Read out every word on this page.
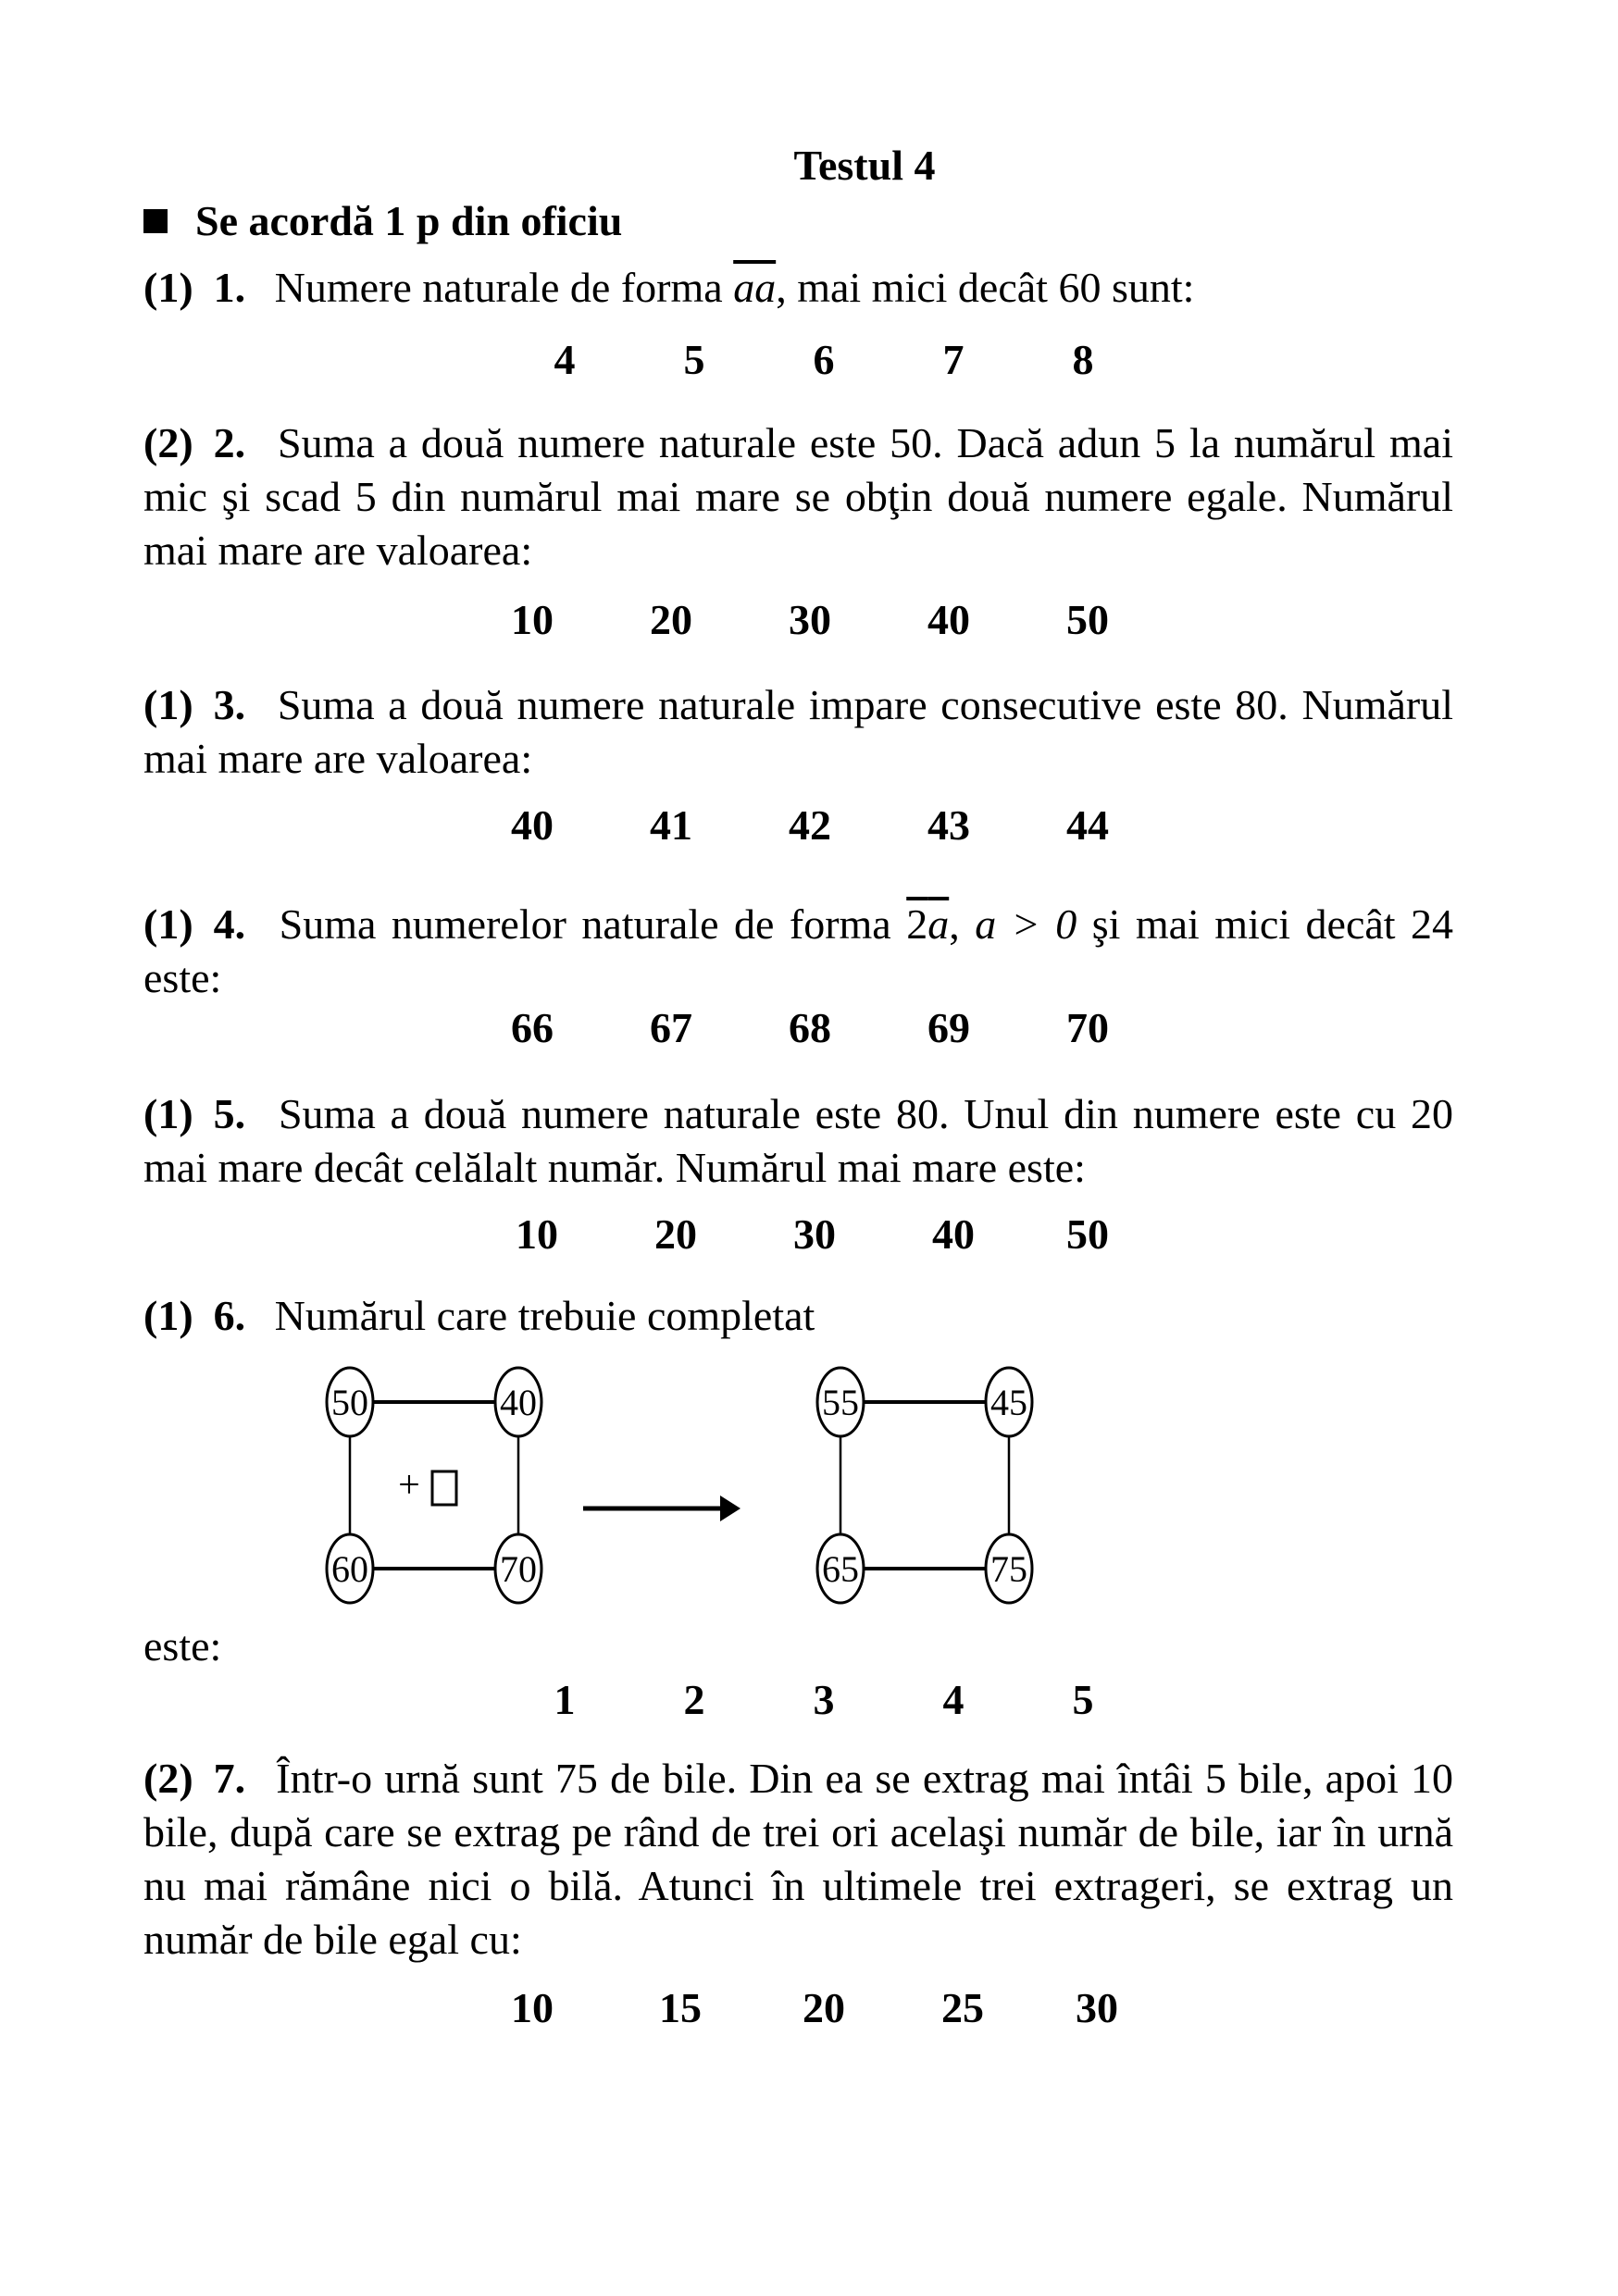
Testul 4
Se acordă 1 p din oficiu
(1) 1. Numere naturale de forma $\overline{aa}$, mai mici decât 60 sunt:
4	5	6	7	8
(2) 2. Suma a două numere naturale este 50. Dacă adun 5 la numărul mai mic şi scad 5 din numărul mai mare se obţin două numere egale. Numărul mai mare are valoarea:
10	20	30	40	50
(1) 3. Suma a două numere naturale impare consecutive este 80. Numărul mai mare are valoarea:
40	41	42	43	44
(1) 4. Suma numerelor naturale de forma 2a, a > 0 şi mai mici decât 24 este:
66	67	68	69	70
(1) 5. Suma a două numere naturale este 80. Unul din numere este cu 20 mai mare decât celălalt număr. Numărul mai mare este:
10	20	30	40	50
(1) 6. Numărul care trebuie completat
50	40
60	70
+
55	45
65	75
este:
1	2	3	4	5
(2) 7. Într-o urnă sunt 75 de bile. Din ea se extrag mai întâi 5 bile, apoi 10 bile, după care se extrag pe rând de trei ori acelaşi număr de bile, iar în urnă nu mai rămâne nici o bilă. Atunci în ultimele trei extrageri, se extrag un număr de bile egal cu:
10	15	20	25	30
